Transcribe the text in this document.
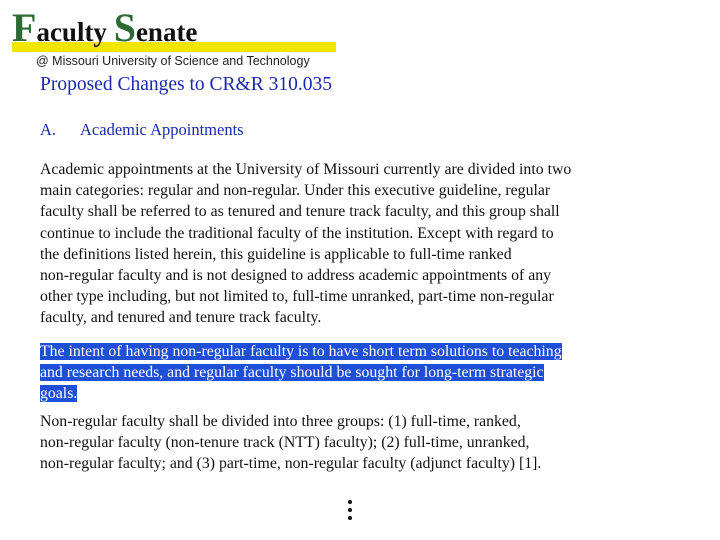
Faculty Senate
@ Missouri University of Science and Technology
Proposed Changes to CR&R 310.035
A. Academic Appointments
Academic appointments at the University of Missouri currently are divided into two
main categories: regular and non-regular. Under this executive guideline, regular
faculty shall be referred to as tenured and tenure track faculty, and this group shall
continue to include the traditional faculty of the institution. Except with regard to
the definitions listed herein, this guideline is applicable to full-time ranked
non-regular faculty and is not designed to address academic appointments of any
other type including, but not limited to, full-time unranked, part-time non-regular
faculty, and tenured and tenure track faculty.
The intent of having non-regular faculty is to have short term solutions to teaching
and research needs, and regular faculty should be sought for long-term strategic
goals.
Non-regular faculty shall be divided into three groups: (1) full-time, ranked,
non-regular faculty (non-tenure track (NTT) faculty); (2) full-time, unranked,
non-regular faculty; and (3) part-time, non-regular faculty (adjunct faculty) [1].
